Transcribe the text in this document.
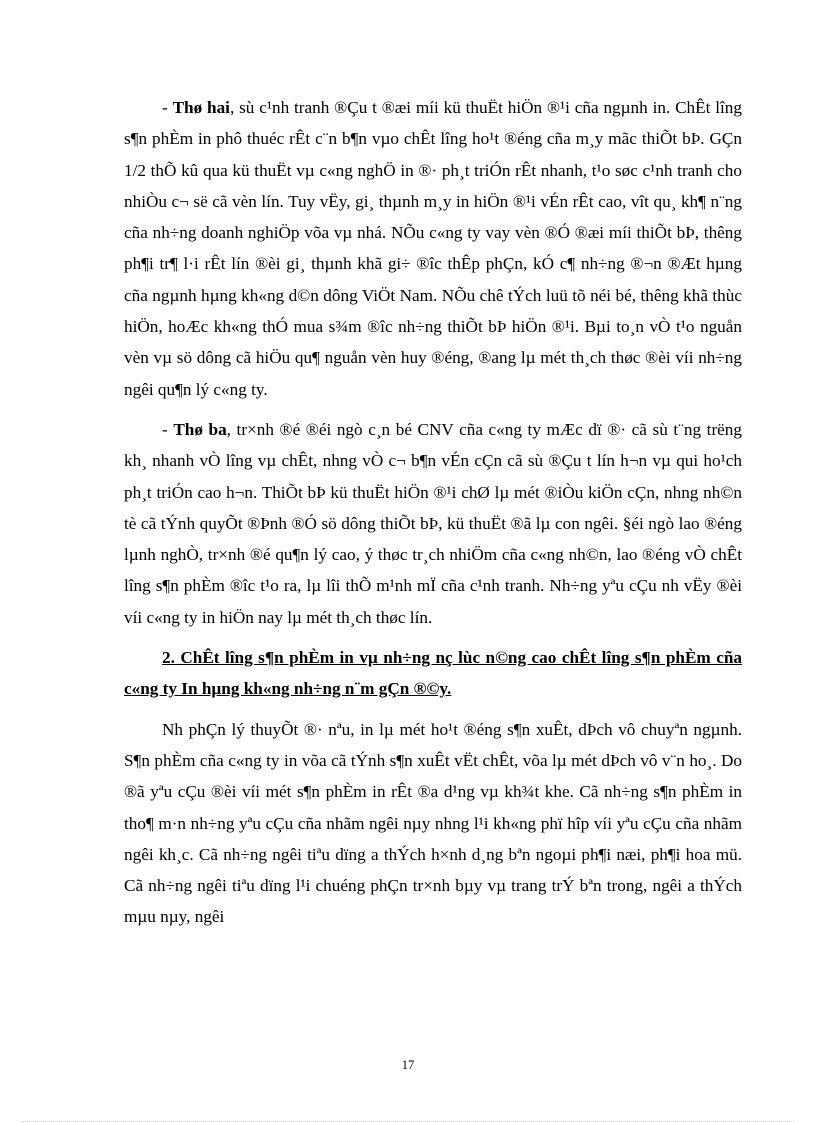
- Thø hai, sù c¹nh tranh ®Çu t ®æi míi kü thuËt hiÖn ®¹i cña ngµnh in. ChÊt lîng s¶n phÈm in phô thuéc rÊt c¨n b¶n vµo chÊt lîng ho¹t ®éng cña m¸y mãc thiÕt bÞ. GÇn 1/2 thÕ kû qua kü thuËt vµ c«ng nghÖ in ®· ph¸t triÓn rÊt nhanh, t¹o søc c¹nh tranh cho nhiÒu c¬ së cã vèn lín. Tuy vËy, gi¸ thµnh m¸y in hiÖn ®¹i vÉn rÊt cao, vît qu¸ kh¶ n¨ng cña nh÷ng doanh nghiÖp võa vµ nhá. NÕu c«ng ty vay vèn ®Ó ®æi míi thiÕt bÞ, thêng ph¶i tr¶ l·i rÊt lín ®èi gi¸ thµnh khã gi÷ ®îc thÊp phÇn, kÓ c¶ nh÷ng ®¬n ®Æt hµng cña ngµnh hµng kh«ng d©n dông ViÖt Nam. NÕu chê tÝch luü tõ néi bé, thêng khã thùc hiÖn, hoÆc kh«ng thÓ mua s¾m ®îc nh÷ng thiÕt bÞ hiÖn ®¹i. Bµi to¸n vÒ t¹o nguån vèn vµ sö dông cã hiÖu qu¶ nguån vèn huy ®éng, ®ang lµ mét th¸ch thøc ®èi víi nh÷ng ngêi qu¶n lý c«ng ty.

- Thø ba, tr×nh ®é ®éi ngò c¸n bé CNV cña c«ng ty mÆc dï ®· cã sù t¨ng trëng kh¸ nhanh vÒ lîng vµ chÊt, nhng vÒ c¬ b¶n vÉn cÇn cã sù ®Çu t lín h¬n vµ qui ho¹ch ph¸t triÓn cao h¬n. ThiÕt bÞ kü thuËt hiÖn ®¹i chØ lµ mét ®iÒu kiÖn cÇn, nhng nh©n tè cã tÝnh quyÕt ®Þnh ®Ó sö dông thiÕt bÞ, kü thuËt ®ã lµ con ngêi. §éi ngò lao ®éng lµnh nghÒ, tr×nh ®é qu¶n lý cao, ý thøc tr¸ch nhiÖm cña c«ng nh©n, lao ®éng vÒ chÊt lîng s¶n phÈm ®îc t¹o ra, lµ lîi thÕ m¹nh mÏ cña c¹nh tranh. Nh÷ng yªu cÇu nh vËy ®èi víi c«ng ty in hiÖn nay lµ mét th¸ch thøc lín.

2. ChÊt lîng s¶n phÈm in vµ nh÷ng nç lùc n©ng cao chÊt lîng s¶n phÈm cña c«ng ty In hµng kh«ng nh÷ng n¨m gÇn ®©y.

Nh phÇn lý thuyÕt ®· nªu, in lµ mét ho¹t ®éng s¶n xuÊt, dÞch vô chuyªn ngµnh. S¶n phÈm cña c«ng ty in võa cã tÝnh s¶n xuÊt vËt chÊt, võa lµ mét dÞch vô v¨n ho¸. Do ®ã yªu cÇu ®èi víi mét s¶n phÈm in rÊt ®a d¹ng vµ kh¾t khe. Cã nh÷ng s¶n phÈm in tho¶ m·n nh÷ng yªu cÇu cña nhãm ngêi nµy nhng l¹i kh«ng phï hîp víi yªu cÇu cña nhãm ngêi kh¸c. Cã nh÷ng ngêi tiªu dïng a thÝch h×nh d¸ng bªn ngoµi ph¶i næi, ph¶i hoa mü. Cã nh÷ng ngêi tiªu dïng l¹i chuéng phÇn tr×nh bµy vµ trang trÝ bªn trong, ngêi a thÝch mµu nµy, ngêi

17
